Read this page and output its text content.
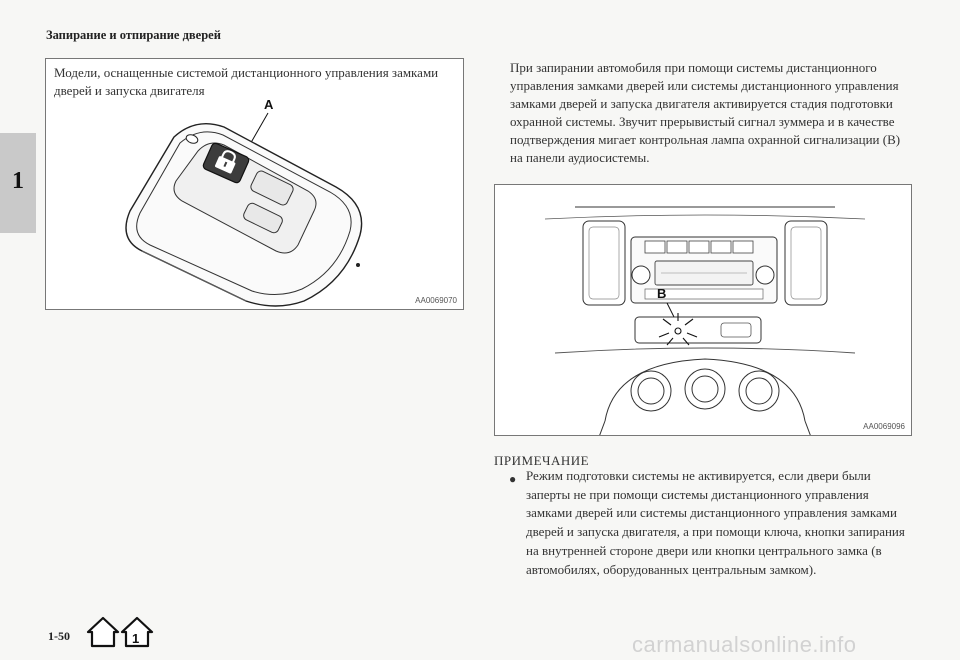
Запирание и отпирание дверей
1
Модели, оснащенные системой дистанционного управления замками дверей и запуска двигателя
A
AA0069070
При запирании автомобиля при помощи системы дистанционного управления замками дверей или системы дистанционного управления замками дверей и запуска двигателя активируется стадия подготовки охранной системы. Звучит прерывистый сигнал зуммера и в качестве подтверждения мигает контрольная лампа охранной сигнализации (B) на панели аудиосистемы.
B
AA0069096
ПРИМЕЧАНИЕ
● Режим подготовки системы не активируется, если двери были заперты не при помощи системы дистанционного управления замками дверей или системы дистанционного управления замками дверей и запуска двигателя, а при помощи ключа, кнопки запирания на внутренней стороне двери или кнопки центрального замка (в автомобилях, оборудованных центральным замком).
1-50	1	carmanualsonline.info
